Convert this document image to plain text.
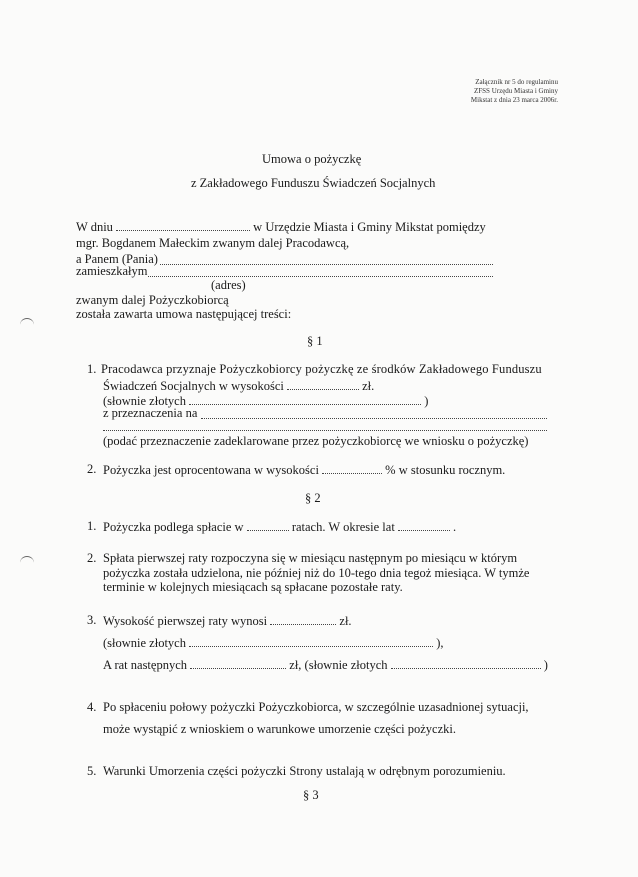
Załącznik nr 5 do regulaminu
ZFSS Urzędu Miasta i Gminy
Mikstat z dnia 23 marca 2006r.
Umowa o pożyczkę
z Zakładowego Funduszu Świadczeń Socjalnych
W dniu	w Urzędzie Miasta i Gminy Mikstat pomiędzy
mgr. Bogdanem Małeckim zwanym dalej Pracodawcą,
a Panem (Pania)
zamieszkałym
(adres)
zwanym dalej Pożyczkobiorcą
została zawarta umowa następującej treści:
§ 1
1. Pracodawca przyznaje Pożyczkobiorcy pożyczkę ze środków Zakładowego Funduszu
Świadczeń Socjalnych w wysokości	zł.
(słownie złotych	)
z przeznaczenia na
(podać przeznaczenie zadeklarowane przez pożyczkobiorcę we wniosku o pożyczkę)
2. Pożyczka jest oprocentowana w wysokości	% w stosunku rocznym.
§ 2
1. Pożyczka podlega spłacie w	ratach. W okresie lat	.
2. Spłata pierwszej raty rozpoczyna się w miesiącu następnym po miesiącu w którym
pożyczka została udzielona, nie później niż do 10-tego dnia tegoż miesiąca. W tymże
terminie w kolejnych miesiącach są spłacane pozostałe raty.
3. Wysokość pierwszej raty wynosi	zł.
(słownie złotych	),
A rat następnych	zł, (słownie złotych	)
4. Po spłaceniu połowy pożyczki Pożyczkobiorca, w szczególnie uzasadnionej sytuacji,
może wystąpić z wnioskiem o warunkowe umorzenie części pożyczki.
5. Warunki Umorzenia części pożyczki Strony ustalają w odrębnym porozumieniu.
§ 3
